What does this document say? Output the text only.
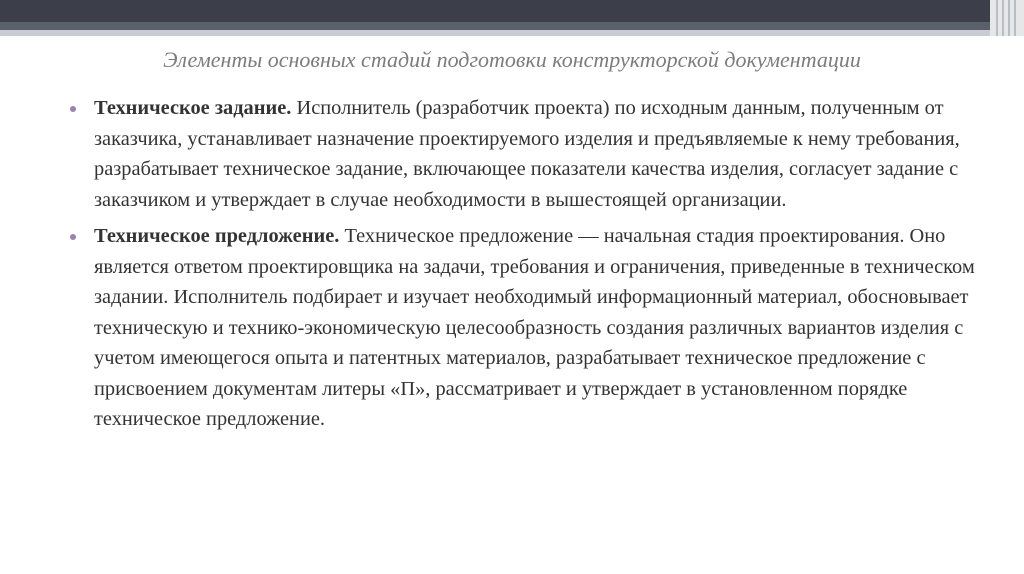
Элементы основных стадий подготовки конструкторской документации
Техническое задание. Исполнитель (разработчик проекта) по исходным данным, полученным от заказчика, устанавливает назначение проектируемого изделия и предъявляемые к нему требования, разрабатывает техническое задание, включающее показатели качества изделия, согласует задание с заказчиком и утверждает в случае необходимости в вышестоящей организации.
Техническое предложение. Техническое предложение — начальная стадия проектирования. Оно является ответом проектировщика на задачи, требования и ограничения, приведенные в техническом задании. Исполнитель подбирает и изучает необходимый информационный материал, обосновывает техническую и технико-экономическую целесообразность создания различных вариантов изделия с учетом имеющегося опыта и патентных материалов, разрабатывает техническое предложение с присвоением документам литеры «П», рассматривает и утверждает в установленном порядке техническое предложение.
